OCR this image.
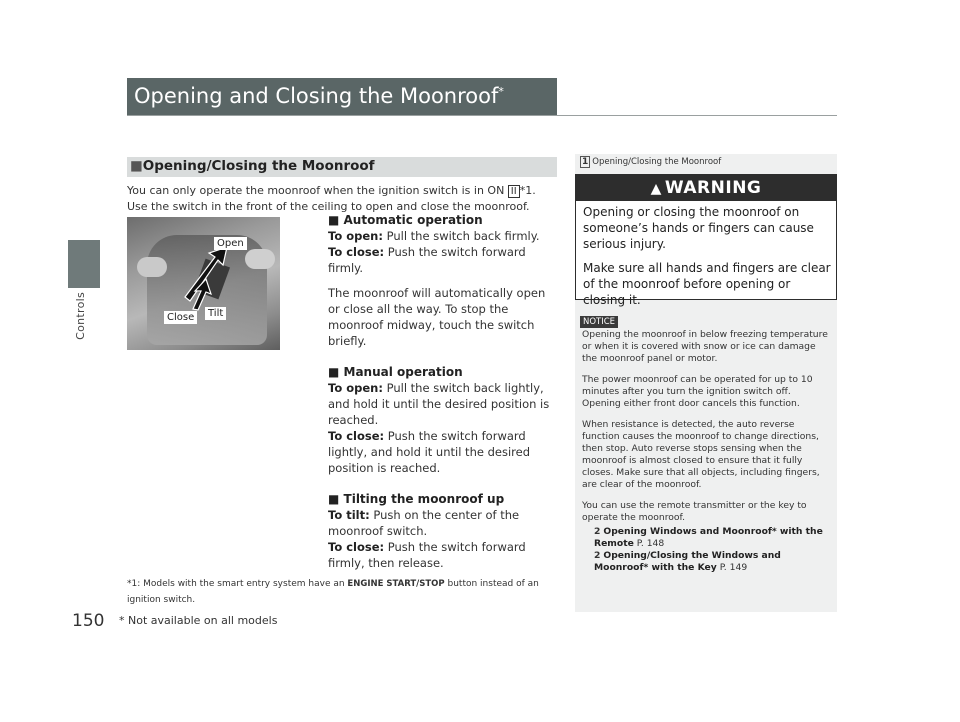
Controls
150
Opening and Closing the Moonroof*
■Opening/Closing the Moonroof
You can only operate the moonroof when the ignition switch is in ON II *1. Use the switch in the front of the ceiling to open and close the moonroof.
Open
Tilt
Close

■ Automatic operation

To open: Pull the switch back firmly.

To close: Push the switch forward firmly.

The moonroof will automatically open or close all the way. To stop the moonroof midway, touch the switch briefly.

■ Manual operation

To open: Pull the switch back lightly, and hold it until the desired position is reached.

To close: Push the switch forward lightly, and hold it until the desired position is reached.

■ Tilting the moonroof up

To tilt: Push on the center of the moonroof switch.

To close: Push the switch forward firmly, then release.

*1: Models with the smart entry system have an ENGINE START/STOP button instead of an ignition switch.
* Not available on all models
1 Opening/Closing the Moonroof
▲ WARNING

Opening or closing the moonroof on someone’s hands or fingers can cause serious injury.

Make sure all hands and fingers are clear of the moonroof before opening or closing it.

NOTICE

Opening the moonroof in below freezing temperature or when it is covered with snow or ice can damage the moonroof panel or motor.

The power moonroof can be operated for up to 10 minutes after you turn the ignition switch off. Opening either front door cancels this function.

When resistance is detected, the auto reverse function causes the moonroof to change directions, then stop. Auto reverse stops sensing when the moonroof is almost closed to ensure that it fully closes. Make sure that all objects, including fingers, are clear of the moonroof.

You can use the remote transmitter or the key to operate the moonroof.

2 Opening Windows and Moonroof* with the Remote P. 148
2 Opening/Closing the Windows and Moonroof* with the Key P. 149
